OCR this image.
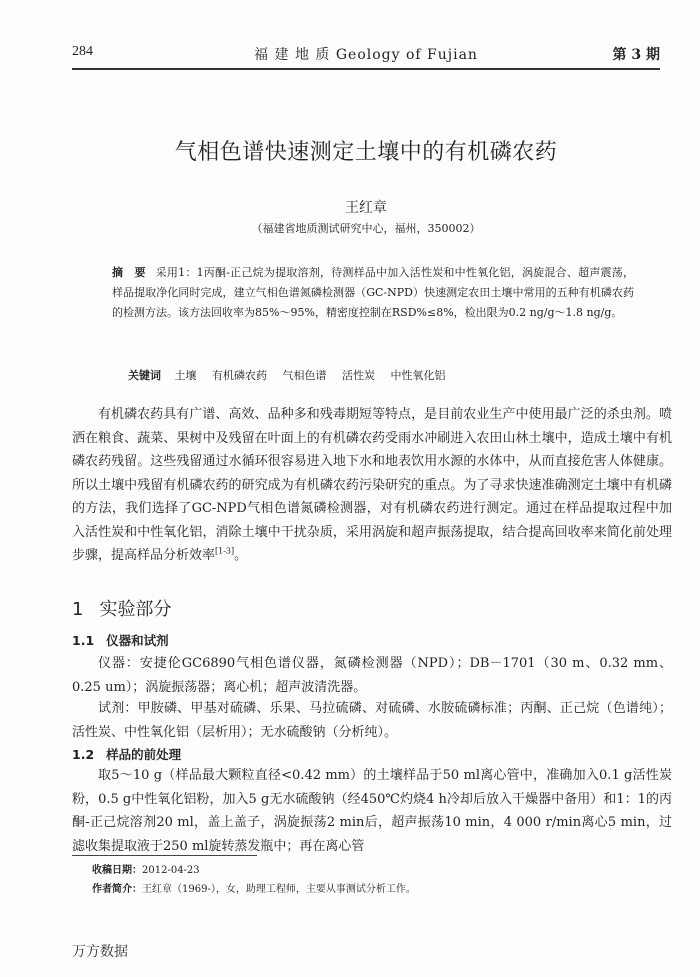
284	福 建 地 质 Geology of Fujian	第 3 期
气相色谱快速测定土壤中的有机磷农药
王红章
（福建省地质测试研究中心，福州，350002）
摘　要 采用1：1丙酮-正己烷为提取溶剂，待测样品中加入活性炭和中性氧化铝，涡旋混合、超声震荡，样品提取净化同时完成，建立气相色谱氮磷检测器（GC-NPD）快速测定农田土壤中常用的五种有机磷农药的检测方法。该方法回收率为85%～95%，精密度控制在RSD%≤8%，检出限为0.2 ng/g～1.8 ng/g。
关键词 土壤 有机磷农药 气相色谱 活性炭 中性氧化铝
有机磷农药具有广谱、高效、品种多和残毒期短等特点，是目前农业生产中使用最广泛的杀虫剂。喷洒在粮食、蔬菜、果树中及残留在叶面上的有机磷农药受雨水冲刷进入农田山林土壤中，造成土壤中有机磷农药残留。这些残留通过水循环很容易进入地下水和地表饮用水源的水体中，从而直接危害人体健康。所以土壤中残留有机磷农药的研究成为有机磷农药污染研究的重点。为了寻求快速准确测定土壤中有机磷的方法，我们选择了GC-NPD气相色谱氮磷检测器，对有机磷农药进行测定。通过在样品提取过程中加入活性炭和中性氧化铝，消除土壤中干扰杂质，采用涡旋和超声振荡提取，结合提高回收率来简化前处理步骤，提高样品分析效率[1-3]。
1 实验部分
1.1 仪器和试剂
仪器：安捷伦GC6890气相色谱仪器，氮磷检测器（NPD）；DB－1701（30 m、0.32 mm、0.25 um）；涡旋振荡器；离心机；超声波清洗器。
试剂：甲胺磷、甲基对硫磷、乐果、马拉硫磷、对硫磷、水胺硫磷标准；丙酮、正己烷（色谱纯）；活性炭、中性氧化铝（层析用）；无水硫酸钠（分析纯）。
1.2 样品的前处理
取5～10 g（样品最大颗粒直径<0.42 mm）的土壤样品于50 ml离心管中，准确加入0.1 g活性炭粉，0.5 g中性氧化铝粉，加入5 g无水硫酸钠（经450℃灼烧4 h冷却后放入干燥器中备用）和1：1的丙酮-正己烷溶剂20 ml，盖上盖子，涡旋振荡2 min后，超声振荡10 min，4 000 r/min离心5 min，过滤收集提取液于250 ml旋转蒸发瓶中；再在离心管
收稿日期：2012-04-23
作者简介：王红章（1969-），女，助理工程师，主要从事测试分析工作。
万方数据
